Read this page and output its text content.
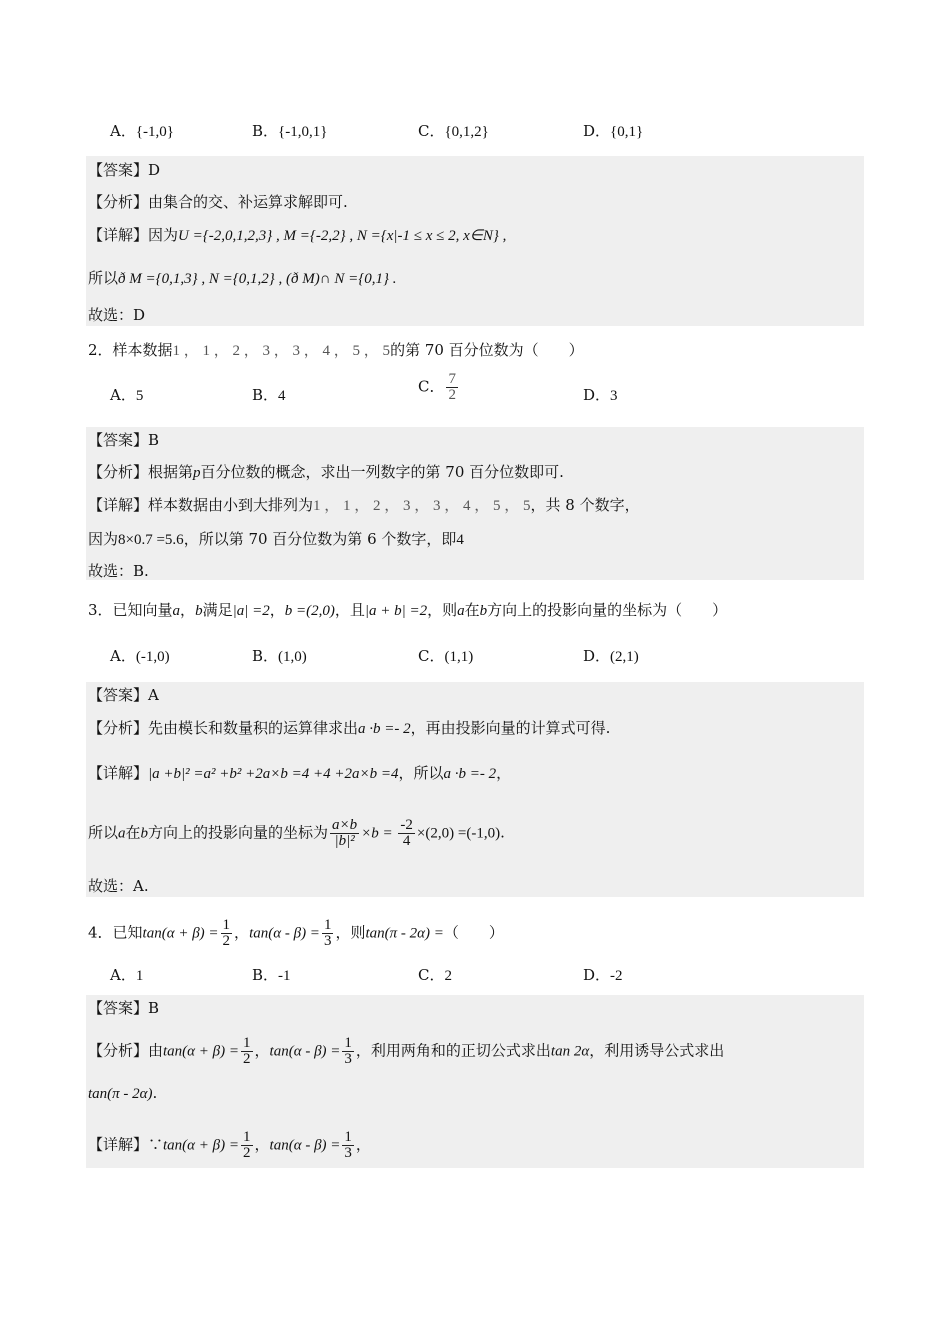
A．{-1,0}	B．{-1,0,1}	C．{0,1,2}	D．{0,1}
【答案】D
【分析】由集合的交、补运算求解即可.
【详解】因为U ={-2,0,1,2,3} , M ={-2,2} , N ={x|-1 ≤ x ≤ 2, x∈N} ,
所以ð M ={0,1,3} , N ={0,1,2} , (ð M)∩ N ={0,1} .
故选：D
2．样本数据1 ， 1 ， 2 ， 3 ， 3 ， 4 ， 5 ， 5的第 70 百分位数为（　　）
A．5	B．4
C． $\frac{7}{2}$	D．3
【答案】B
【分析】根据第p百分位数的概念，求出一列数字的第 70 百分位数即可.
【详解】样本数据由小到大排列为1 ， 1 ， 2 ， 3 ， 3 ， 4 ， 5 ， 5，共 8 个数字，
因为8×0.7 =5.6，所以第 70 百分位数为第 6 个数字，即4
故选：B.
3．已知向量a，b满足|a| =2，b =(2,0)，且|a + b| =2，则a在b方向上的投影向量的坐标为（　　）
A．(-1,0)	B．(1,0)	C．(1,1)	D．(2,1)
【答案】A
【分析】先由模长和数量积的运算律求出a ·b =- 2，再由投影向量的计算式可得.
【详解】|a +b|² =a² +b² +2a×b =4 +4 +2a×b =4，所以a ·b =- 2，
所以a在b方向上的投影向量的坐标为 $\frac{a\times b}{\text{|b|²}} \times b = \frac{-2}{4} \times(2,0) =(-1,0)$.
故选：A.
4．已知$\tan(\alpha + \beta) = \frac{1}{2}$ ，$\tan(\alpha - \beta) = \frac{1}{3}$ ，则tan(π - 2α) =（　　）
A．1	B．-1	C．2	D．-2
【答案】B
【分析】由$\tan(\alpha + \beta) = \frac{1}{2}$ ，$\tan(\alpha - \beta) = \frac{1}{3}$ ，利用两角和的正切公式求出tan 2α，利用诱导公式求出
tan(π - 2α).
【详解】∵tan(α + $\beta) = \frac{1}{2}$ ，$\tan(\alpha - \beta) = \frac{1}{3}$ ，
